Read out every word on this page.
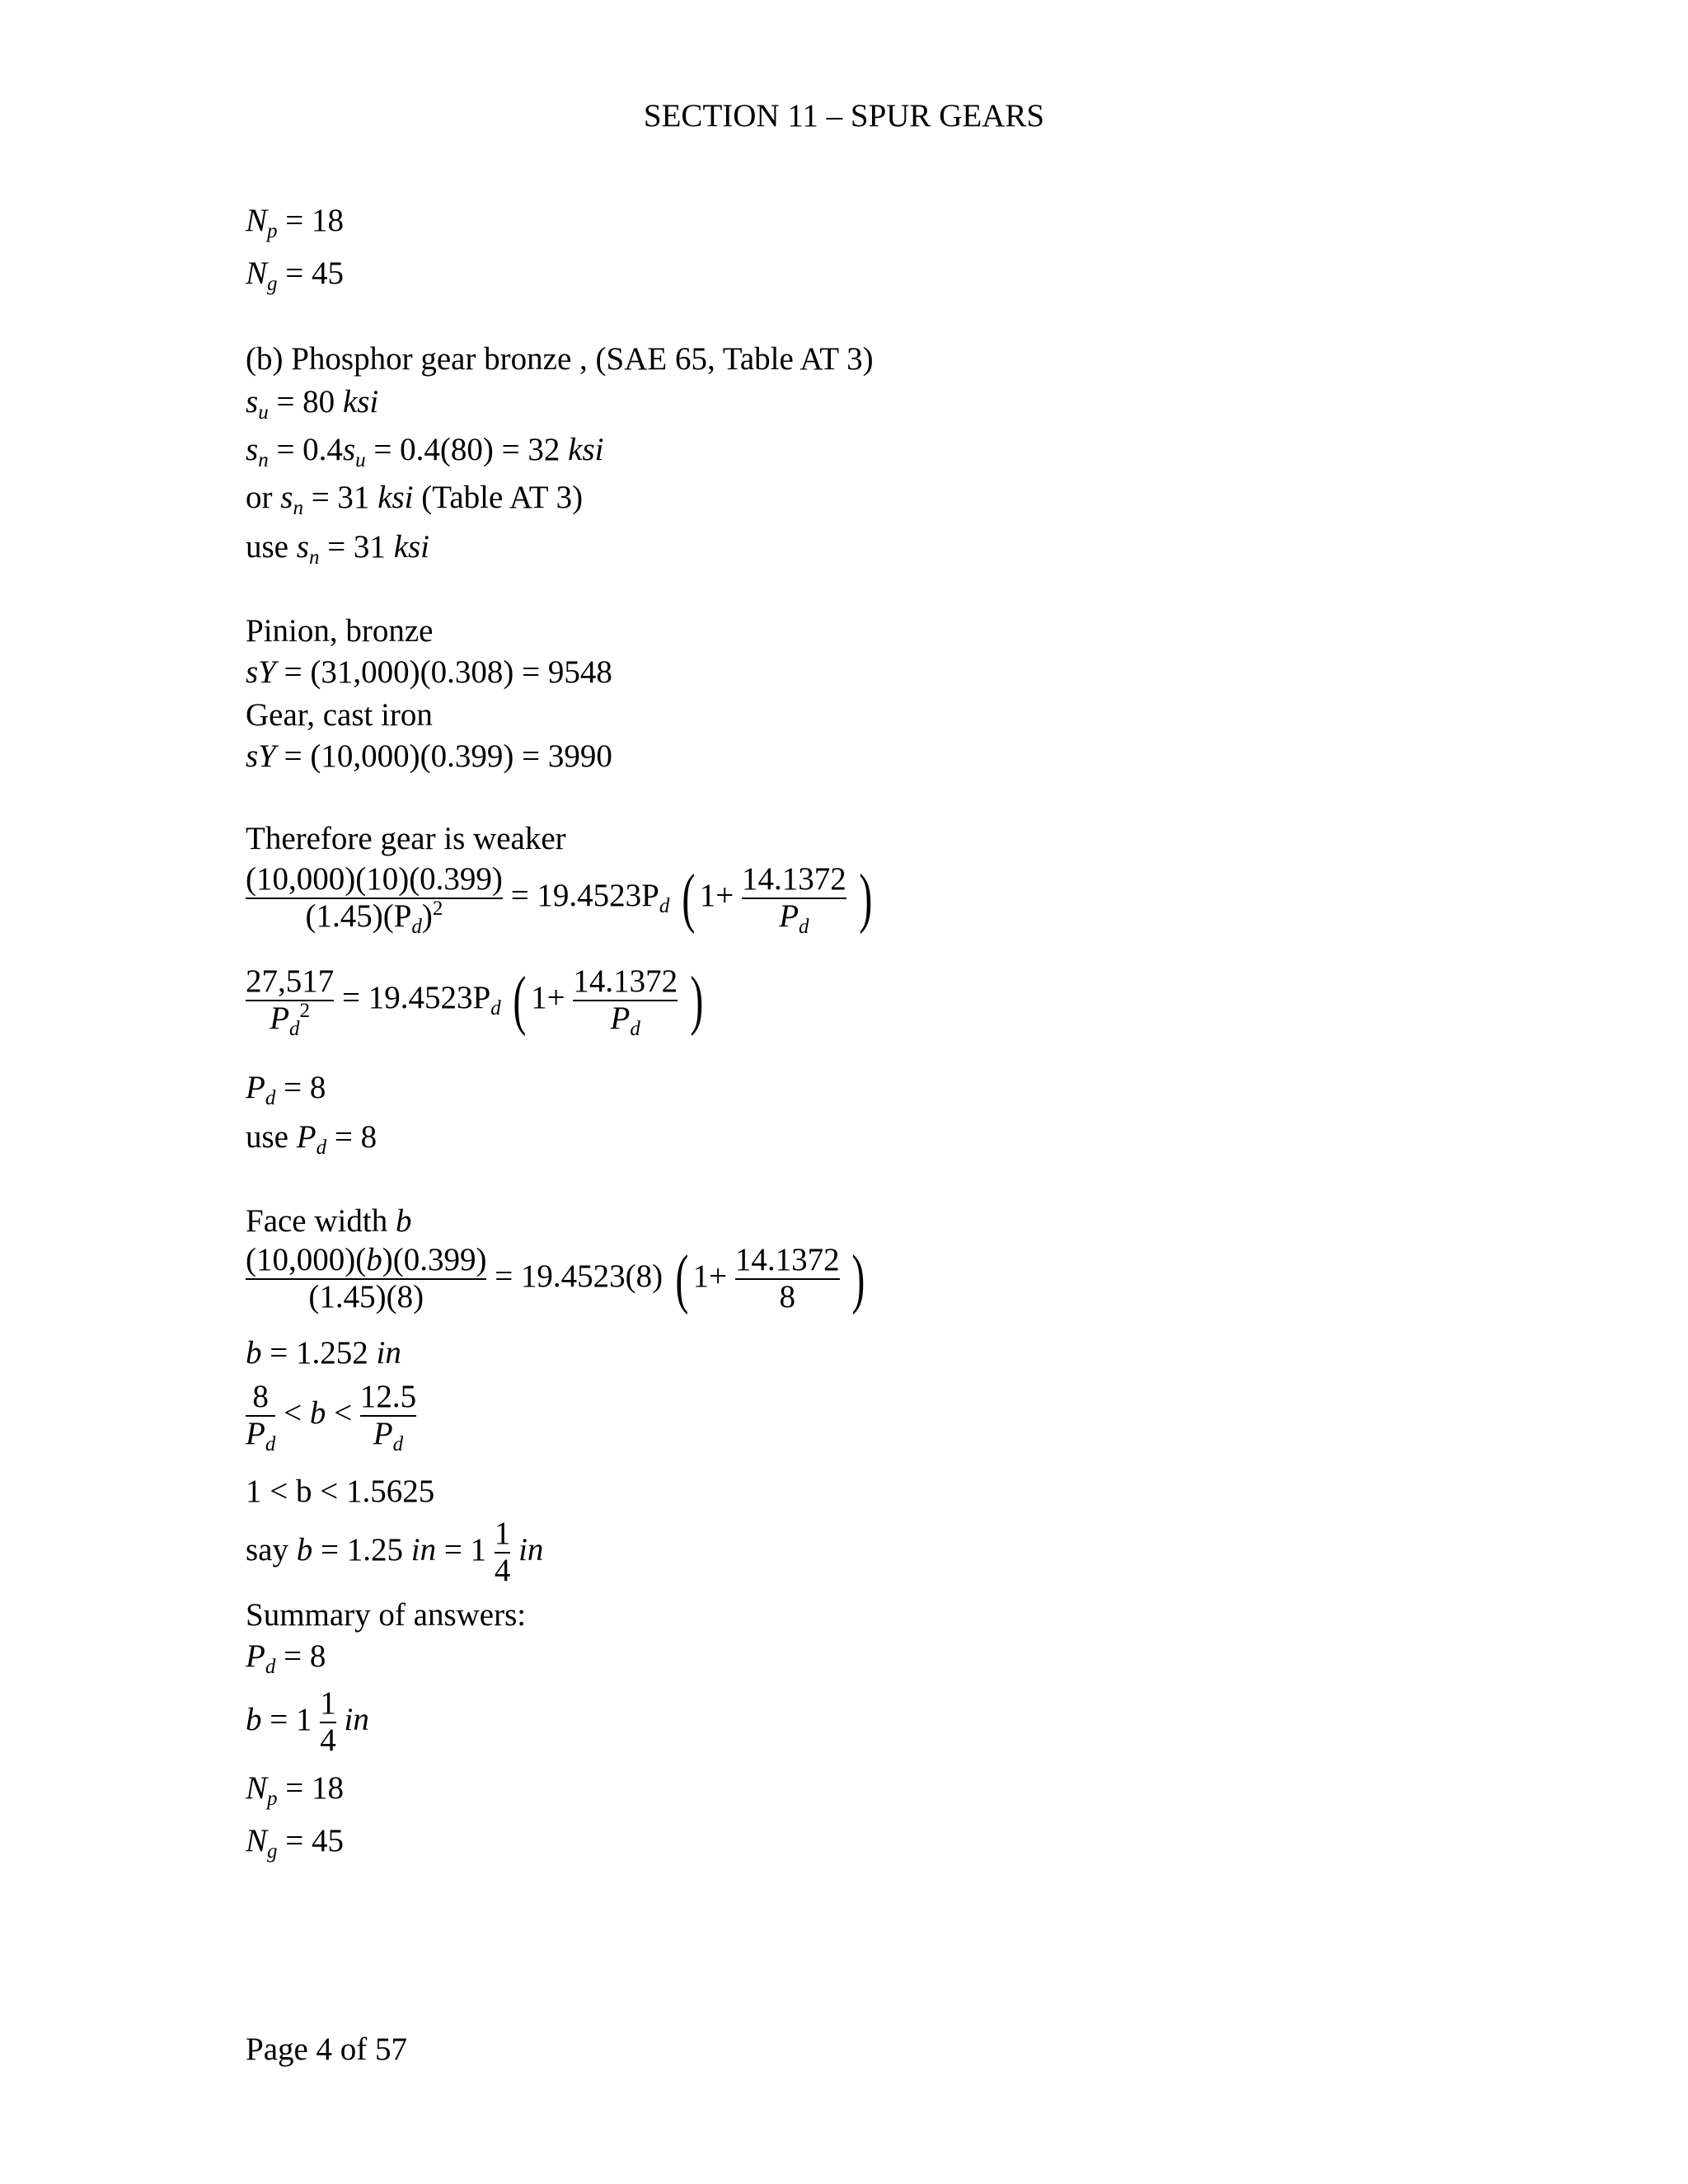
SECTION 11 – SPUR GEARS
$N_p = 18$
$N_g = 45$
(b) Phosphor gear bronze , (SAE 65, Table AT 3)
$s_u = 80$ ksi
$s_n = 0.4s_u = 0.4(80) = 32$ ksi
or $s_n = 31$ ksi (Table AT 3)
use $s_n = 31$ ksi
Pinion, bronze
sY = (31,000)(0.308) = 9548
Gear, cast iron
sY = (10,000)(0.399) = 3990
Therefore gear is weaker
$\frac{(10,000)(10)(0.399)}{(1.45)(P_d)^2} = 19.4523P_d$ ( $1+ \frac{14.1372}{P_d}$ )
$\frac{27,517}{P_d^2} = 19.4523P_d$ ( $1+ \frac{14.1372}{P_d}$ )
$P_d = 8$
use $P_d = 8$
Face width b
$\frac{(10,000)(b)(0.399)}{(1.45)(8)} = 19.4523(8)$ ( $1+ \frac{14.1372}{8}$ )
b = 1.252 in
$\frac{8}{P_d} < b < \frac{12.5}{P_d}$
1 < b < 1.5625
say b = 1.25 in = $1 \frac{1}{4}$ in
Summary of answers:
$P_d = 8$
$b = 1 \frac{1}{4}$ in
$N_p = 18$
$N_g = 45$
Page 4 of 57
